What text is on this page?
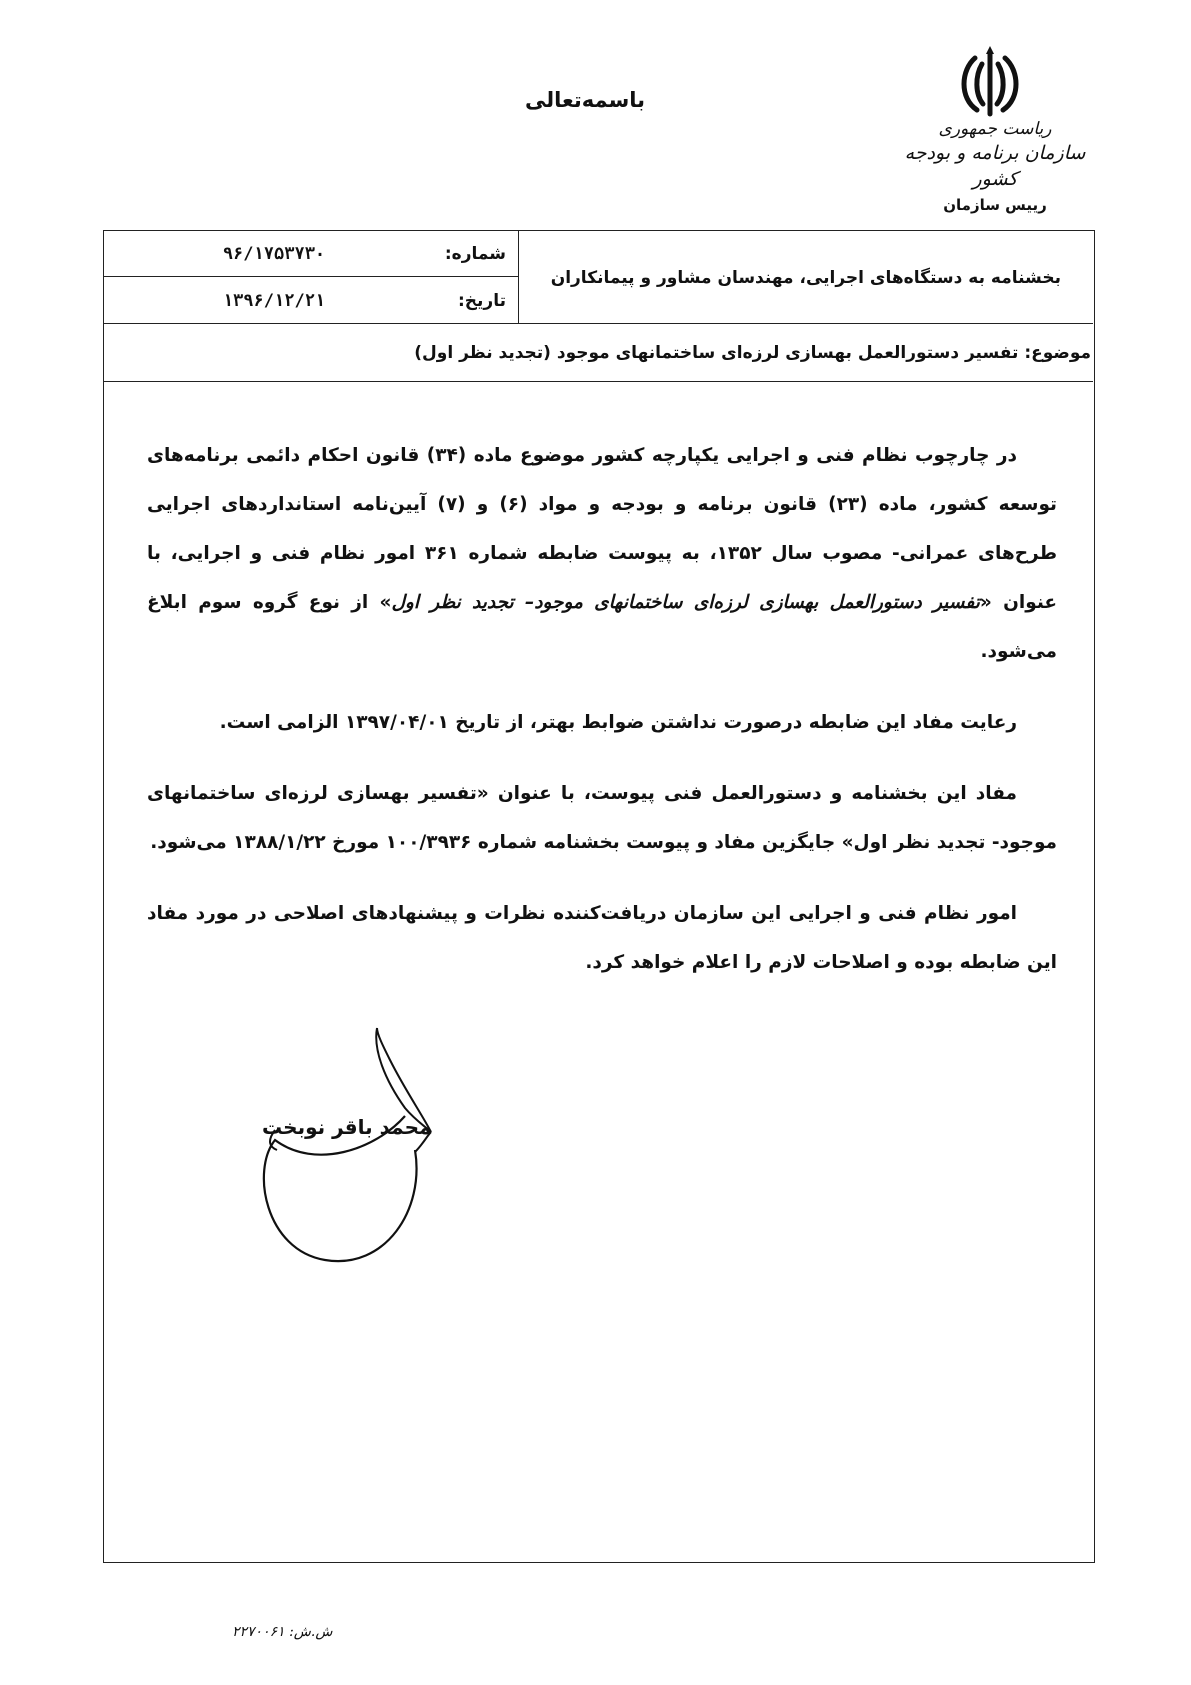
باسمه‌تعالی
ریاست جمهوری
سازمان برنامه و بودجه کشور
رییس سازمان
بخشنامه به دستگاه‌های اجرایی، مهندسان مشاور و پیمانکاران
شماره:
۹۶/۱۷۵۳۷۳۰
تاریخ:
۱۳۹۶/۱۲/۲۱
موضوع: تفسیر دستورالعمل بهسازی لرزه‌ای ساختمانهای موجود (تجدید نظر اول)

در چارچوب نظام فنی و اجرایی یکپارچه کشور موضوع ماده (۳۴) قانون احکام دائمی برنامه‌های توسعه کشور، ماده (۲۳) قانون برنامه و بودجه و مواد (۶) و (۷) آیین‌نامه استانداردهای اجرایی طرح‌های عمرانی- مصوب سال ۱۳۵۲، به پیوست ضابطه شماره ۳۶۱ امور نظام فنی و اجرایی، با عنوان «تفسیر دستورالعمل بهسازی لرزه‌ای ساختمانهای موجود– تجدید نظر اول» از نوع گروه سوم ابلاغ می‌شود.

رعایت مفاد این ضابطه درصورت نداشتن ضوابط بهتر، از تاریخ ۱۳۹۷/۰۴/۰۱ الزامی است.

مفاد این بخشنامه و دستورالعمل فنی پیوست، با عنوان «تفسیر بهسازی لرزه‌ای ساختمانهای موجود- تجدید نظر اول» جایگزین مفاد و پیوست بخشنامه شماره ۱۰۰/۳۹۳۶ مورخ ۱۳۸۸/۱/۲۲ می‌شود.

امور نظام فنی و اجرایی این سازمان دریافت‌کننده نظرات و پیشنهادهای اصلاحی در مورد مفاد این ضابطه بوده و اصلاحات لازم را اعلام خواهد کرد.

محمد باقر نوبخت
ش.ش: ۲۲۷۰۰۶۱
